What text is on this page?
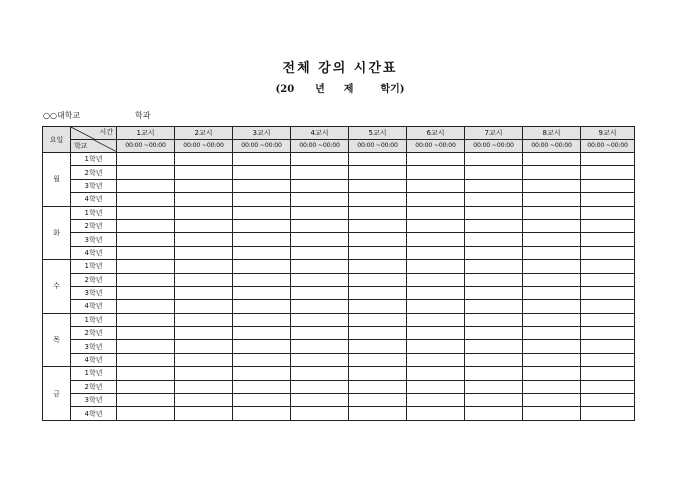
전체 강의 시간표
(20 년 제	학기)
○○대학교	학과
요일	시간	1교시	2교시	3교시	4교시	5교시	6교시	7교시	8교시	9교시

	학교	00:00 ~00:00	00:00 ~00:00	00:00 ~00:00	00:00 ~00:00	00:00 ~00:00	00:00 ~00:00	00:00 ~00:00	00:00 ~00:00	00:00 ~00:00
월	1학년									
	2학년									
	3학년									
	4학년									
화	1학년									
	2학년									
	3학년									
	4학년									
수	1학년									
	2학년									
	3학년									
	4학년									
목	1학년									
	2학년									
	3학년									
	4학년									
금	1학년									
	2학년									
	3학년									
	4학년									
